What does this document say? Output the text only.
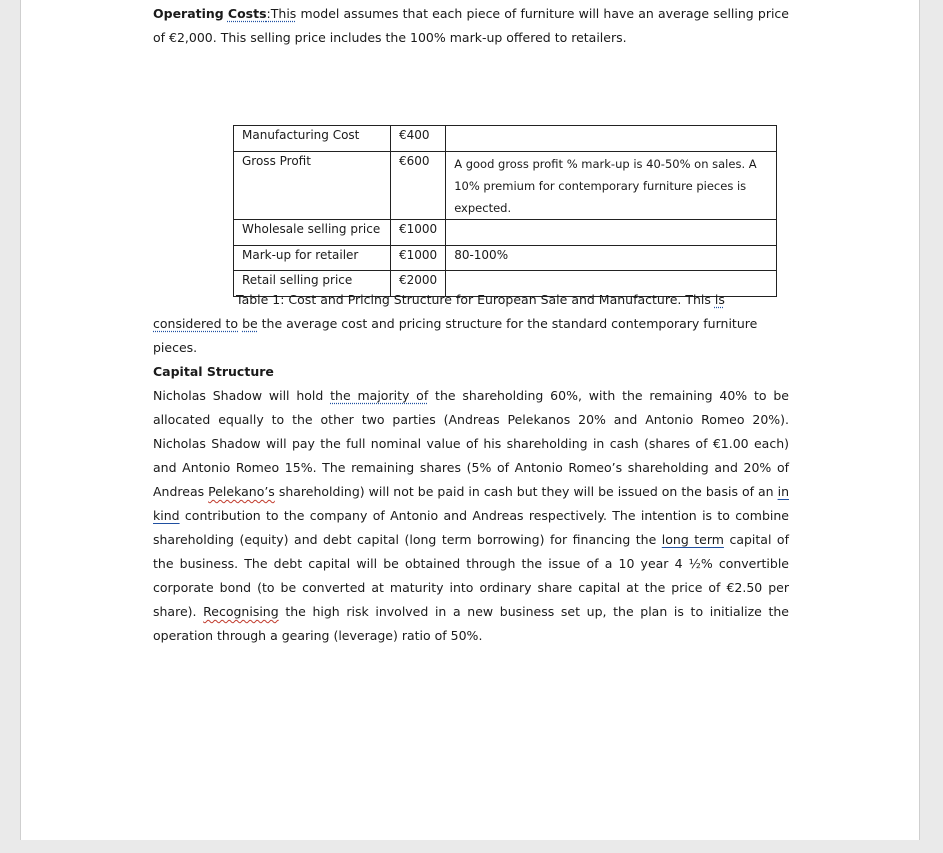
Operating Costs:This model assumes that each piece of furniture will have an average selling price of €2,000. This selling price includes the 100% mark-up offered to retailers.
Manufacturing Cost	€400	
Gross Profit	€600	A good gross profit % mark-up is 40-50% on sales. A 10% premium for contemporary furniture pieces is expected.
Wholesale selling price	€1000	
Mark-up for retailer	€1000	80-100%
Retail selling price	€2000	
Table 1: Cost and Pricing Structure for European Sale and Manufacture. This is considered to be the average cost and pricing structure for the standard contemporary furniture pieces.
Capital Structure
Nicholas Shadow will hold the majority of the shareholding 60%, with the remaining 40% to be allocated equally to the other two parties (Andreas Pelekanos 20% and Antonio Romeo 20%). Nicholas Shadow will pay the full nominal value of his shareholding in cash (shares of €1.00 each) and Antonio Romeo 15%. The remaining shares (5% of Antonio Romeo’s shareholding and 20% of Andreas Pelekano’s shareholding) will not be paid in cash but they will be issued on the basis of an in kind contribution to the company of Antonio and Andreas respectively. The intention is to combine shareholding (equity) and debt capital (long term borrowing) for financing the long term capital of the business. The debt capital will be obtained through the issue of a 10 year 4 ½% convertible corporate bond (to be converted at maturity into ordinary share capital at the price of €2.50 per share). Recognising the high risk involved in a new business set up, the plan is to initialize the operation through a gearing (leverage) ratio of 50%.
